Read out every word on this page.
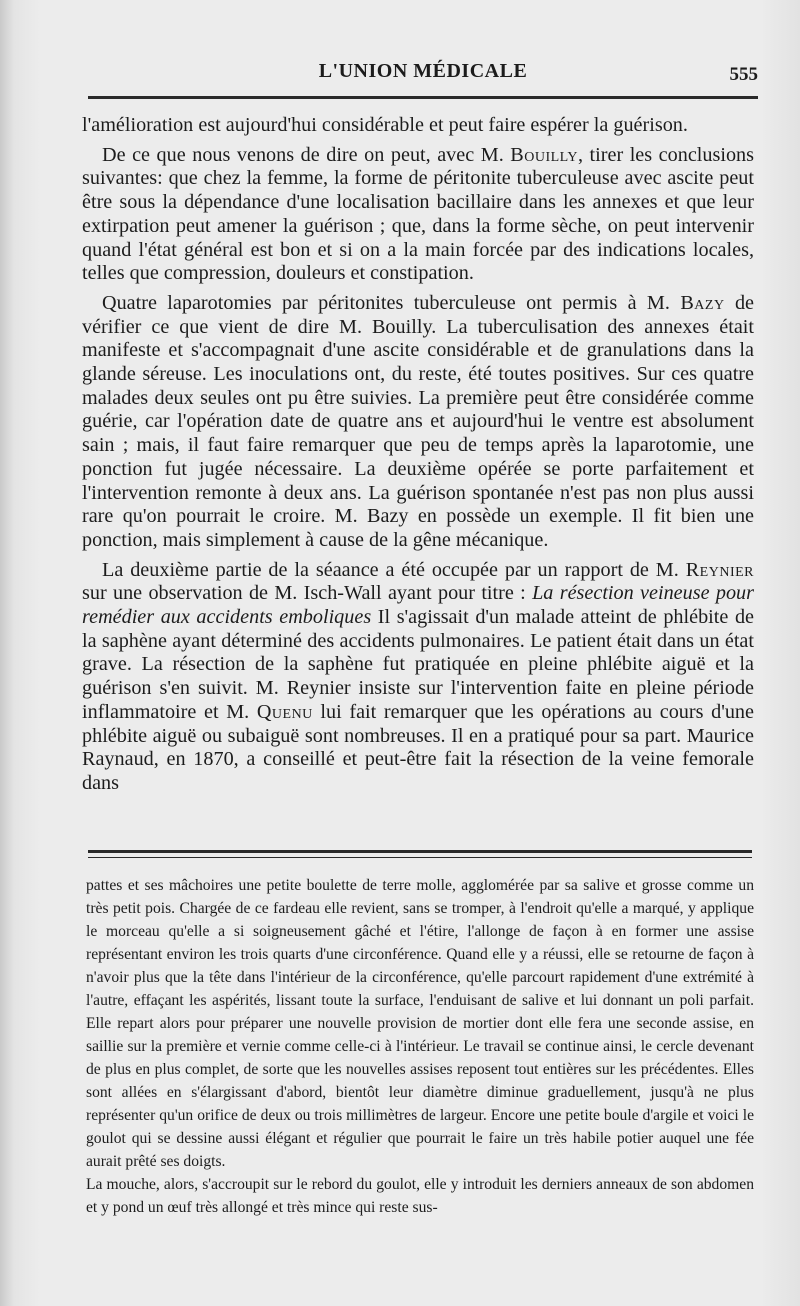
L'UNION MÉDICALE	555

l'amélioration est aujourd'hui considérable et peut faire espérer la guérison.

De ce que nous venons de dire on peut, avec M. Bouilly, tirer les conclusions suivantes: que chez la femme, la forme de péritonite tuberculeuse avec ascite peut être sous la dépendance d'une localisation bacillaire dans les annexes et que leur extirpation peut amener la guérison ; que, dans la forme sèche, on peut intervenir quand l'état général est bon et si on a la main forcée par des indications locales, telles que compression, douleurs et constipation.

Quatre laparotomies par péritonites tuberculeuse ont permis à M. Bazy de vérifier ce que vient de dire M. Bouilly. La tuberculisation des annexes était manifeste et s'accompagnait d'une ascite considérable et de granulations dans la glande séreuse. Les inoculations ont, du reste, été toutes positives. Sur ces quatre malades deux seules ont pu être suivies. La première peut être considérée comme guérie, car l'opération date de quatre ans et aujourd'hui le ventre est absolument sain ; mais, il faut faire remarquer que peu de temps après la laparotomie, une ponction fut jugée nécessaire. La deuxième opérée se porte parfaitement et l'intervention remonte à deux ans. La guérison spontanée n'est pas non plus aussi rare qu'on pourrait le croire. M. Bazy en possède un exemple. Il fit bien une ponction, mais simplement à cause de la gêne mécanique.

La deuxième partie de la séaance a été occupée par un rapport de M. Reynier sur une observation de M. Isch-Wall ayant pour titre : La résection veineuse pour remédier aux accidents emboliques Il s'agissait d'un malade atteint de phlébite de la saphène ayant déterminé des accidents pulmonaires. Le patient était dans un état grave. La résection de la saphène fut pratiquée en pleine phlébite aiguë et la guérison s'en suivit. M. Reynier insiste sur l'intervention faite en pleine période inflammatoire et M. Quenu lui fait remarquer que les opérations au cours d'une phlébite aiguë ou subaiguë sont nombreuses. Il en a pratiqué pour sa part. Maurice Raynaud, en 1870, a conseillé et peut-être fait la résection de la veine femorale dans

pattes et ses mâchoires une petite boulette de terre molle, agglomérée par sa salive et grosse comme un très petit pois. Chargée de ce fardeau elle revient, sans se tromper, à l'endroit qu'elle a marqué, y applique le morceau qu'elle a si soigneusement gâché et l'étire, l'allonge de façon à en former une assise représentant environ les trois quarts d'une circonférence. Quand elle y a réussi, elle se retourne de façon à n'avoir plus que la tête dans l'intérieur de la circonférence, qu'elle parcourt rapidement d'une extrémité à l'autre, effaçant les aspérités, lissant toute la surface, l'enduisant de salive et lui donnant un poli parfait. Elle repart alors pour préparer une nouvelle provision de mortier dont elle fera une seconde assise, en saillie sur la première et vernie comme celle-ci à l'intérieur. Le travail se continue ainsi, le cercle devenant de plus en plus complet, de sorte que les nouvelles assises reposent tout entières sur les précédentes. Elles sont allées en s'élargissant d'abord, bientôt leur diamètre diminue graduellement, jusqu'à ne plus représenter qu'un orifice de deux ou trois millimètres de largeur. Encore une petite boule d'argile et voici le goulot qui se dessine aussi élégant et régulier que pourrait le faire un très habile potier auquel une fée aurait prêté ses doigts.

La mouche, alors, s'accroupit sur le rebord du goulot, elle y introduit les derniers anneaux de son abdomen et y pond un œuf très allongé et très mince qui reste sus-
